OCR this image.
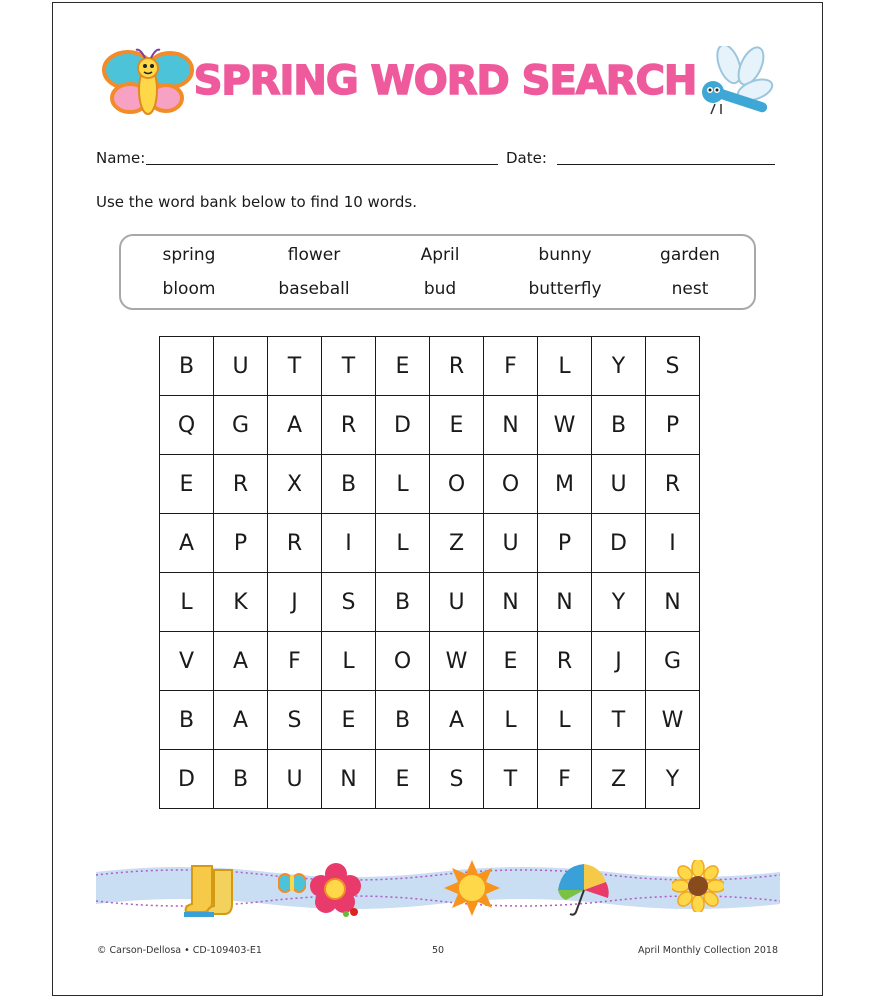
SPRING WORD SEARCH
Name:	Date:
Use the word bank below to find 10 words.
spring	flower	April	bunny	garden
bloom	baseball	bud	butterfly	nest
B	U	T	T	E	R	F	L	Y	S
Q	G	A	R	D	E	N	W	B	P
E	R	X	B	L	O	O	M	U	R
A	P	R	I	L	Z	U	P	D	I
L	K	J	S	B	U	N	N	Y	N
V	A	F	L	O	W	E	R	J	G
B	A	S	E	B	A	L	L	T	W
D	B	U	N	E	S	T	F	Z	Y
© Carson-Dellosa • CD-109403-E1	50	April Monthly Collection 2018
